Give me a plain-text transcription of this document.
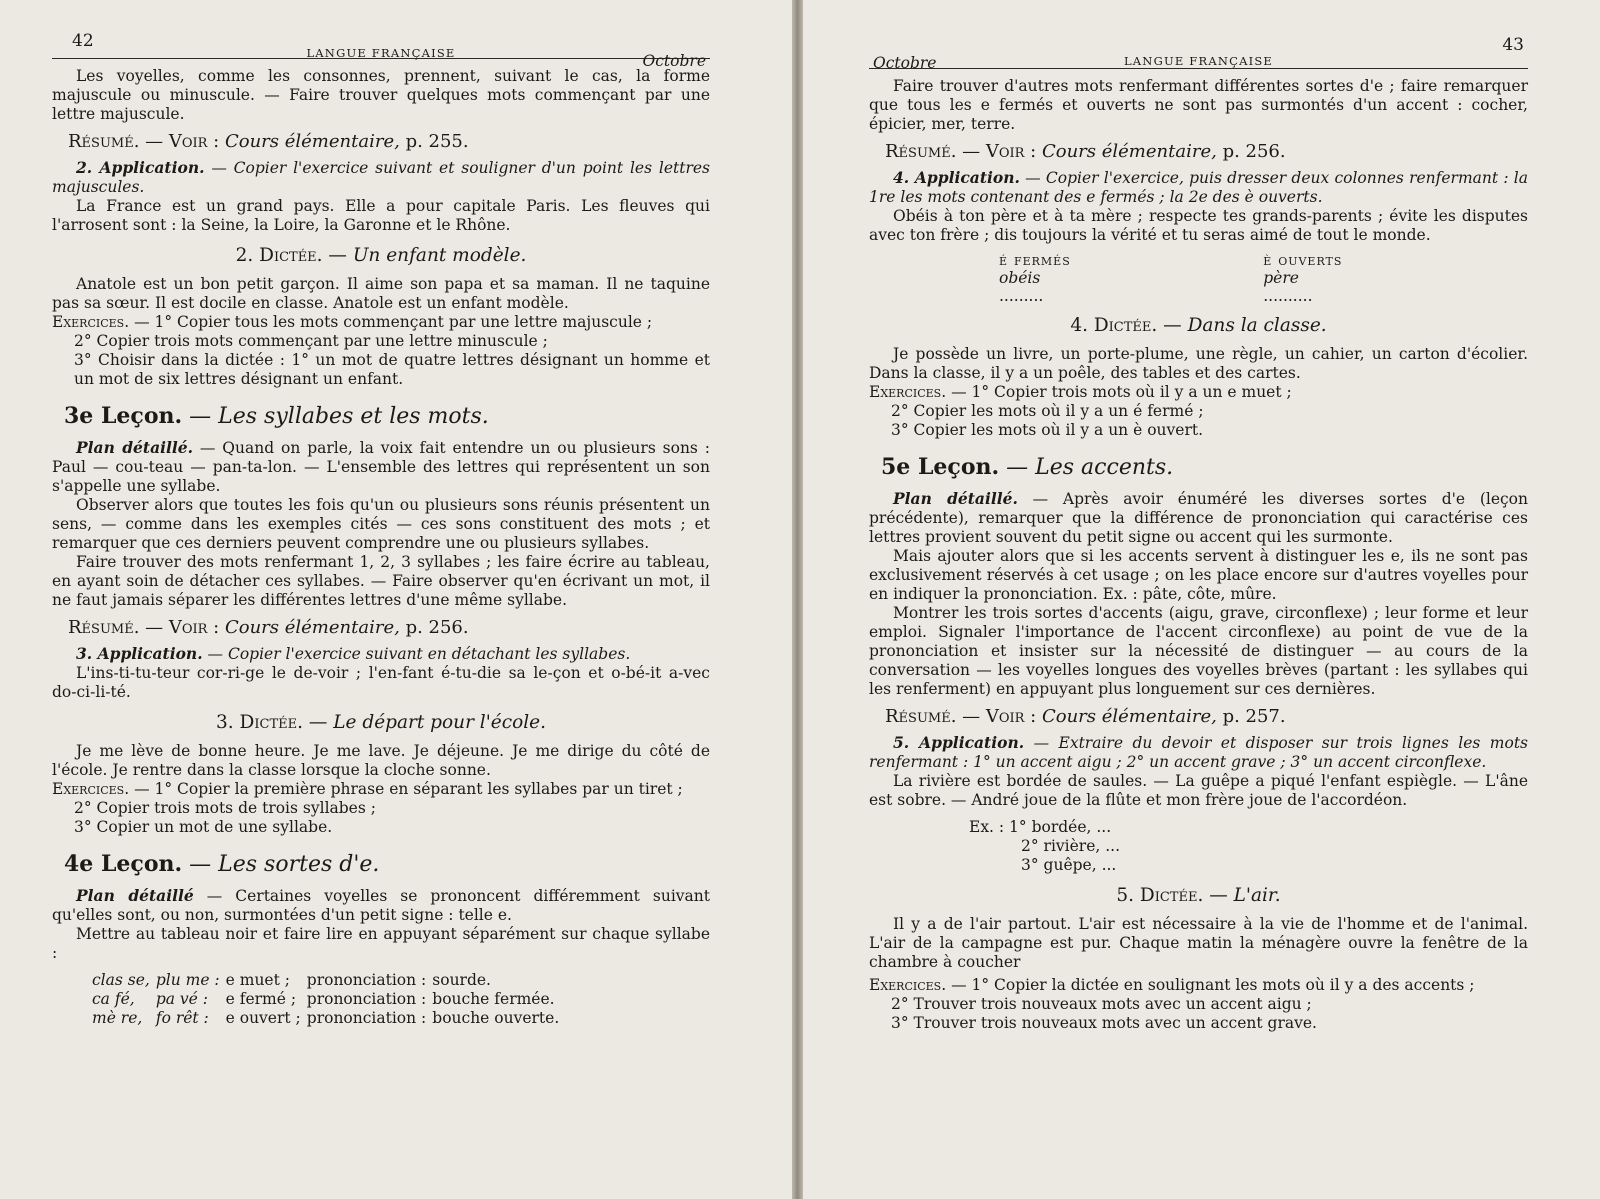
42
LANGUE FRANÇAISE	Octobre

Les voyelles, comme les consonnes, prennent, suivant le cas, la forme majuscule ou minuscule. — Faire trouver quelques mots commençant par une lettre majuscule.

Résumé. — Voir : Cours élémentaire, p. 255.

2. Application. — Copier l'exercice suivant et souligner d'un point les lettres majuscules.

La France est un grand pays. Elle a pour capitale Paris. Les fleuves qui l'arrosent sont : la Seine, la Loire, la Garonne et le Rhône.

2. Dictée. — Un enfant modèle.

Anatole est un bon petit garçon. Il aime son papa et sa maman. Il ne taquine pas sa sœur. Il est docile en classe. Anatole est un enfant modèle.

Exercices. — 1° Copier tous les mots commençant par une lettre majuscule ;

2° Copier trois mots commençant par une lettre minuscule ;

3° Choisir dans la dictée : 1° un mot de quatre lettres désignant un homme et un mot de six lettres désignant un enfant.

3e Leçon. — Les syllabes et les mots.

Plan détaillé. — Quand on parle, la voix fait entendre un ou plusieurs sons : Paul — cou-teau — pan-ta-lon. — L'ensemble des lettres qui représentent un son s'appelle une syllabe.

Observer alors que toutes les fois qu'un ou plusieurs sons réunis présentent un sens, — comme dans les exemples cités — ces sons constituent des mots ; et remarquer que ces derniers peuvent comprendre une ou plusieurs syllabes.

Faire trouver des mots renfermant 1, 2, 3 syllabes ; les faire écrire au tableau, en ayant soin de détacher ces syllabes. — Faire observer qu'en écrivant un mot, il ne faut jamais séparer les différentes lettres d'une même syllabe.

Résumé. — Voir : Cours élémentaire, p. 256.

3. Application. — Copier l'exercice suivant en détachant les syllabes.

L'ins-ti-tu-teur cor-ri-ge le de-voir ; l'en-fant é-tu-die sa le-çon et o-bé-it a-vec do-ci-li-té.

3. Dictée. — Le départ pour l'école.

Je me lève de bonne heure. Je me lave. Je déjeune. Je me dirige du côté de l'école. Je rentre dans la classe lorsque la cloche sonne.

Exercices. — 1° Copier la première phrase en séparant les syllabes par un tiret ;

2° Copier trois mots de trois syllabes ;

3° Copier un mot de une syllabe.

4e Leçon. — Les sortes d'e.

Plan détaillé — Certaines voyelles se prononcent différemment suivant qu'elles sont, ou non, surmontées d'un petit signe : telle e.

Mettre au tableau noir et faire lire en appuyant séparément sur chaque syllabe :

clas se,	plu me :	e muet ;	prononciation :	sourde.
ca fé,	pa vé :	e fermé ;	prononciation :	bouche fermée.
mè re,	fo rêt :	e ouvert ;	prononciation :	bouche ouverte.
Octobre	LANGUE FRANÇAISE
43

Faire trouver d'autres mots renfermant différentes sortes d'e ; faire remarquer que tous les e fermés et ouverts ne sont pas surmontés d'un accent : cocher, épicier, mer, terre.

Résumé. — Voir : Cours élémentaire, p. 256.

4. Application. — Copier l'exercice, puis dresser deux colonnes renfermant : la 1re les mots contenant des e fermés ; la 2e des è ouverts.

Obéis à ton père et à ta mère ; respecte tes grands-parents ; évite les disputes avec ton frère ; dis toujours la vérité et tu seras aimé de tout le monde.

é fermés	è ouverts
obéis	père
.........	..........
4. Dictée. — Dans la classe.

Je possède un livre, un porte-plume, une règle, un cahier, un carton d'écolier. Dans la classe, il y a un poêle, des tables et des cartes.

Exercices. — 1° Copier trois mots où il y a un e muet ;

2° Copier les mots où il y a un é fermé ;

3° Copier les mots où il y a un è ouvert.

5e Leçon. — Les accents.

Plan détaillé. — Après avoir énuméré les diverses sortes d'e (leçon précédente), remarquer que la différence de prononciation qui caractérise ces lettres provient souvent du petit signe ou accent qui les surmonte.

Mais ajouter alors que si les accents servent à distinguer les e, ils ne sont pas exclusivement réservés à cet usage ; on les place encore sur d'autres voyelles pour en indiquer la prononciation. Ex. : pâte, côte, mûre.

Montrer les trois sortes d'accents (aigu, grave, circonflexe) ; leur forme et leur emploi. Signaler l'importance de l'accent circonflexe) au point de vue de la prononciation et insister sur la nécessité de distinguer — au cours de la conversation — les voyelles longues des voyelles brèves (partant : les syllabes qui les renferment) en appuyant plus longuement sur ces dernières.

Résumé. — Voir : Cours élémentaire, p. 257.

5. Application. — Extraire du devoir et disposer sur trois lignes les mots renfermant : 1° un accent aigu ; 2° un accent grave ; 3° un accent circonflexe.

La rivière est bordée de saules. — La guêpe a piqué l'enfant espiègle. — L'âne est sobre. — André joue de la flûte et mon frère joue de l'accordéon.

Ex. : 1° bordée, ...
2° rivière, ...
3° guêpe, ...
5. Dictée. — L'air.

Il y a de l'air partout. L'air est nécessaire à la vie de l'homme et de l'animal. L'air de la campagne est pur. Chaque matin la ménagère ouvre la fenêtre de la chambre à coucher

Exercices. — 1° Copier la dictée en soulignant les mots où il y a des accents ;

2° Trouver trois nouveaux mots avec un accent aigu ;

3° Trouver trois nouveaux mots avec un accent grave.
